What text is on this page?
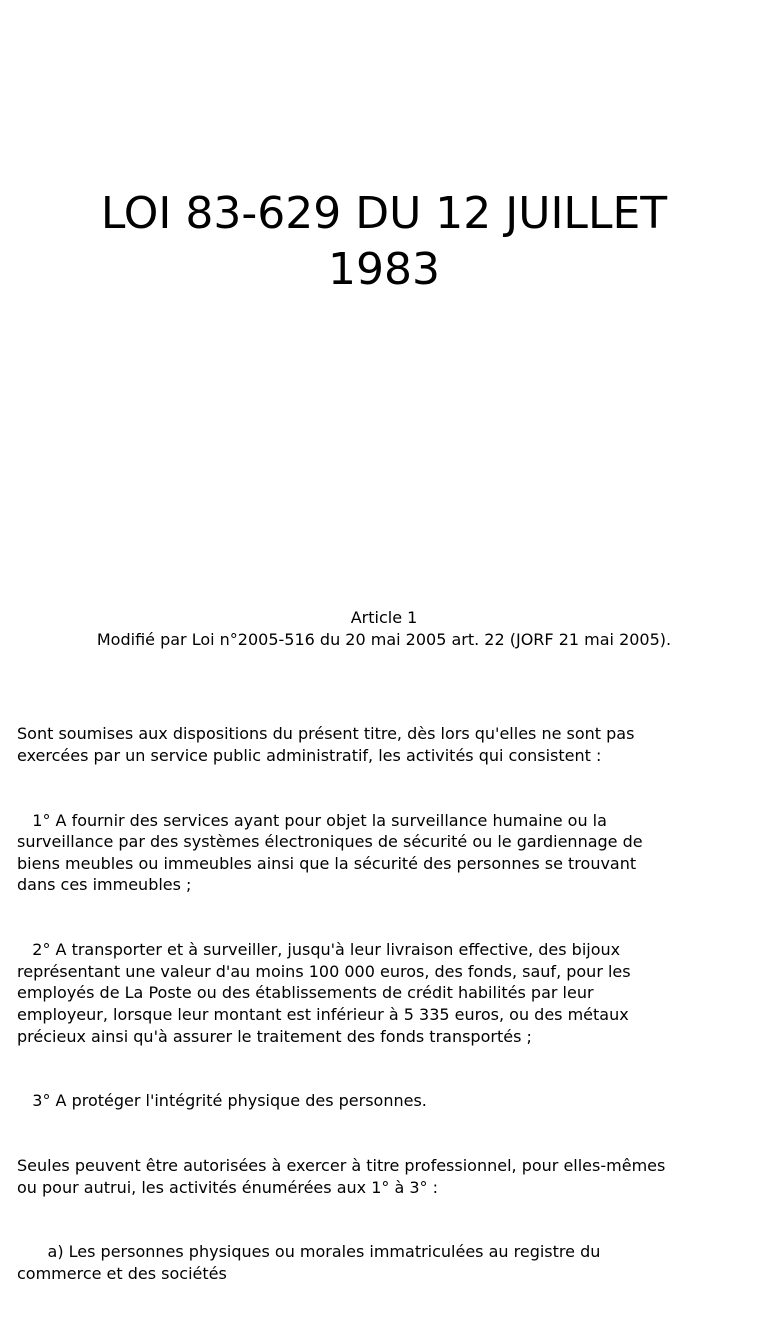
LOI 83-629 DU 12 JUILLET
1983
Article 1
Modifié par Loi n°2005-516 du 20 mai 2005 art. 22 (JORF 21 mai 2005).

Sont soumises aux dispositions du présent titre, dès lors qu'elles ne sont pas
exercées par un service public administratif, les activités qui consistent :

1° A fournir des services ayant pour objet la surveillance humaine ou la
surveillance par des systèmes électroniques de sécurité ou le gardiennage de
biens meubles ou immeubles ainsi que la sécurité des personnes se trouvant
dans ces immeubles ;

2° A transporter et à surveiller, jusqu'à leur livraison effective, des bijoux
représentant une valeur d'au moins 100 000 euros, des fonds, sauf, pour les
employés de La Poste ou des établissements de crédit habilités par leur
employeur, lorsque leur montant est inférieur à 5 335 euros, ou des métaux
précieux ainsi qu'à assurer le traitement des fonds transportés ;

3° A protéger l'intégrité physique des personnes.

Seules peuvent être autorisées à exercer à titre professionnel, pour elles-mêmes
ou pour autrui, les activités énumérées aux 1° à 3° :

a) Les personnes physiques ou morales immatriculées au registre du
commerce et des sociétés
